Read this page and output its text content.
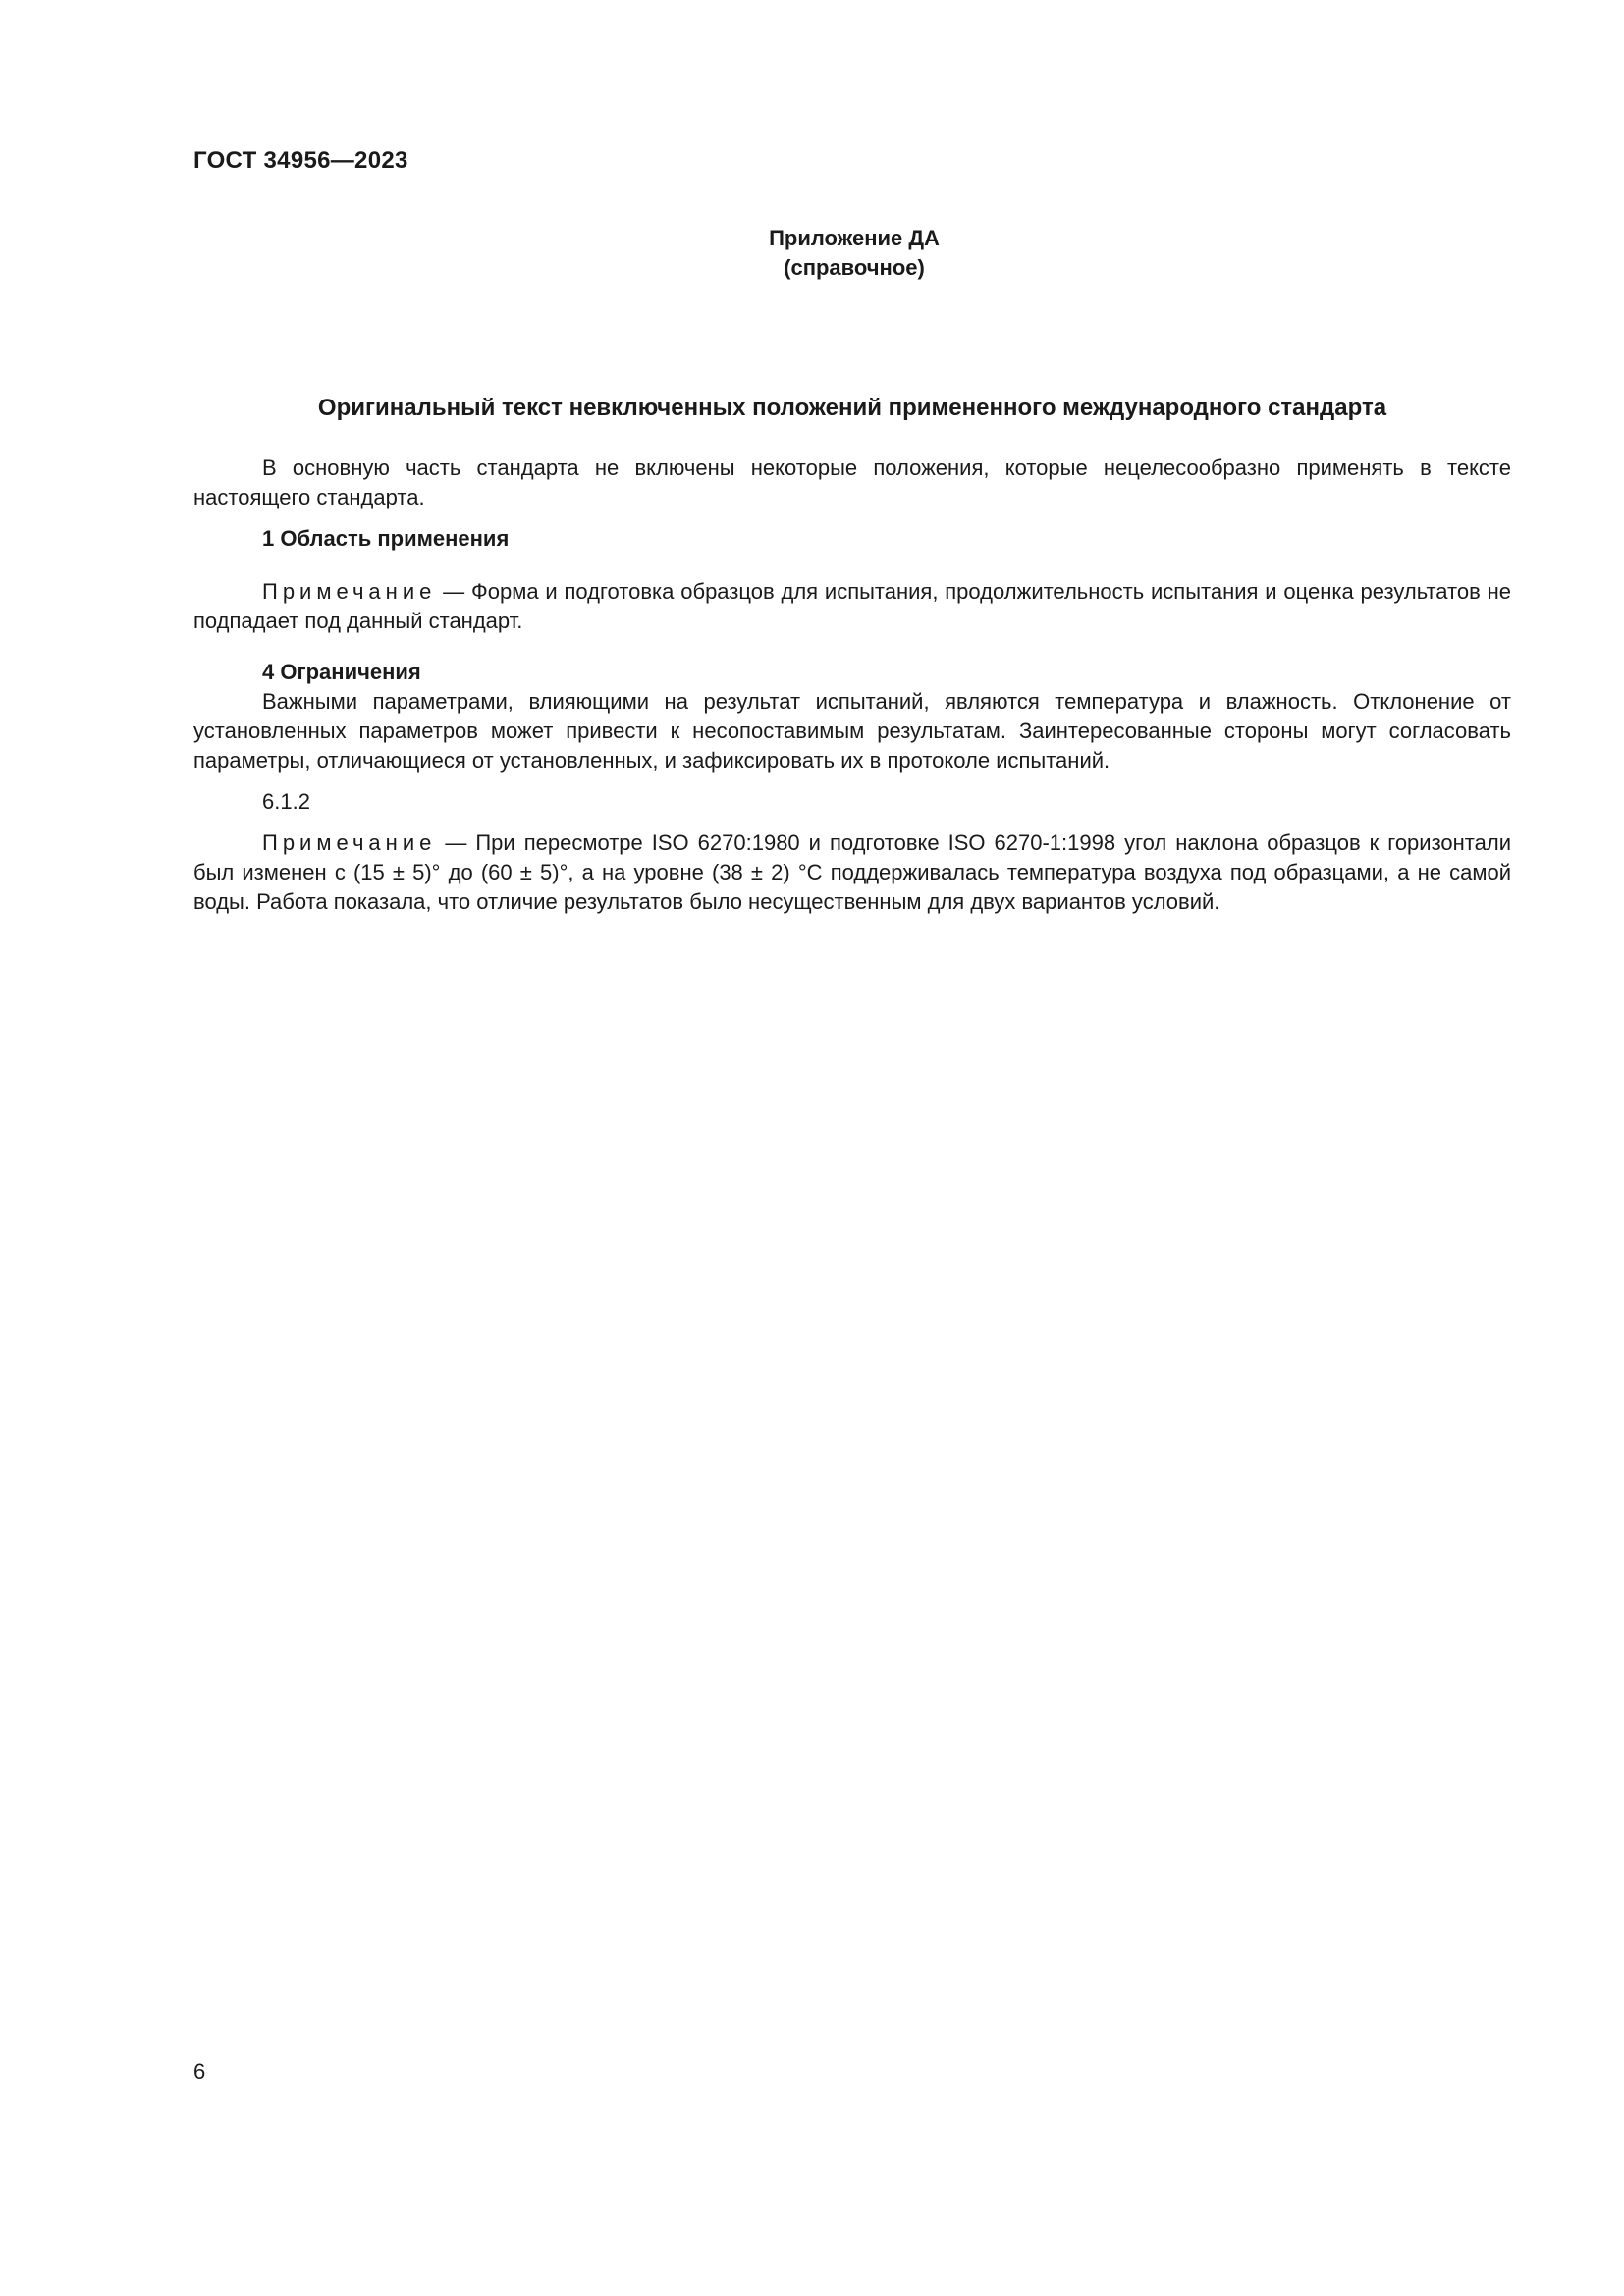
ГОСТ 34956—2023
Приложение ДА
(справочное)
Оригинальный текст невключенных положений примененного международного стандарта

В основную часть стандарта не включены некоторые положения, которые нецелесообразно применять в тексте настоящего стандарта.

1 Область применения

Примечание — Форма и подготовка образцов для испытания, продолжительность испытания и оценка результатов не подпадает под данный стандарт.

4 Ограничения

Важными параметрами, влияющими на результат испытаний, являются температура и влажность. Отклонение от установленных параметров может привести к несопоставимым результатам. Заинтересованные стороны могут согласовать параметры, отличающиеся от установленных, и зафиксировать их в протоколе испытаний.

6.1.2

Примечание — При пересмотре ISO 6270:1980 и подготовке ISO 6270-1:1998 угол наклона образцов к горизонтали был изменен с (15 ± 5)° до (60 ± 5)°, а на уровне (38 ± 2) °С поддерживалась температура воздуха под образцами, а не самой воды. Работа показала, что отличие результатов было несущественным для двух вариантов условий.

6
